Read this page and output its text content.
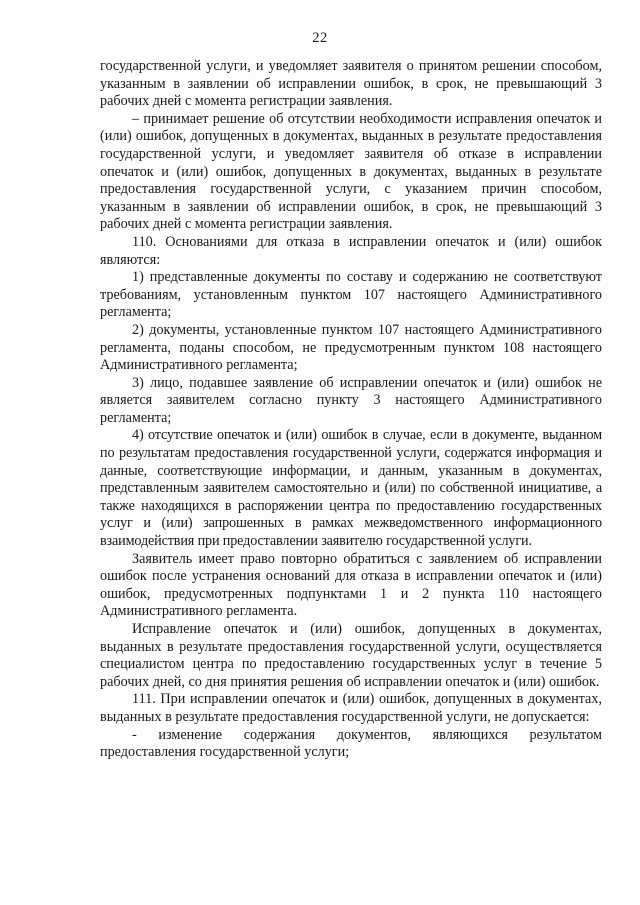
22

государственной услуги, и уведомляет заявителя о принятом решении способом, указанным в заявлении об исправлении ошибок, в срок, не превышающий 3 рабочих дней с момента регистрации заявления.

– принимает решение об отсутствии необходимости исправления опечаток и (или) ошибок, допущенных в документах, выданных в результате предоставления государственной услуги, и уведомляет заявителя об отказе в исправлении опечаток и (или) ошибок, допущенных в документах, выданных в результате предоставления государственной услуги, с указанием причин способом, указанным в заявлении об исправлении ошибок, в срок, не превышающий 3 рабочих дней с момента регистрации заявления.

110. Основаниями для отказа в исправлении опечаток и (или) ошибок являются:

1) представленные документы по составу и содержанию не соответствуют требованиям, установленным пунктом 107 настоящего Административного регламента;

2) документы, установленные пунктом 107 настоящего Административного регламента, поданы способом, не предусмотренным пунктом 108 настоящего Административного регламента;

3) лицо, подавшее заявление об исправлении опечаток и (или) ошибок не является заявителем согласно пункту 3 настоящего Административного регламента;

4) отсутствие опечаток и (или) ошибок в случае, если в документе, выданном по результатам предоставления государственной услуги, содержатся информация и данные, соответствующие информации, и данным, указанным в документах, представленным заявителем самостоятельно и (или) по собственной инициативе, а также находящихся в распоряжении центра по предоставлению государственных услуг и (или) запрошенных в рамках межведомственного информационного взаимодействия при предоставлении заявителю государственной услуги.

Заявитель имеет право повторно обратиться с заявлением об исправлении ошибок после устранения оснований для отказа в исправлении опечаток и (или) ошибок, предусмотренных подпунктами 1 и 2 пункта 110 настоящего Административного регламента.

Исправление опечаток и (или) ошибок, допущенных в документах, выданных в результате предоставления государственной услуги, осуществляется специалистом центра по предоставлению государственных услуг в течение 5 рабочих дней, со дня принятия решения об исправлении опечаток и (или) ошибок.

111. При исправлении опечаток и (или) ошибок, допущенных в документах, выданных в результате предоставления государственной услуги, не допускается:

- изменение содержания документов, являющихся результатом предоставления государственной услуги;
